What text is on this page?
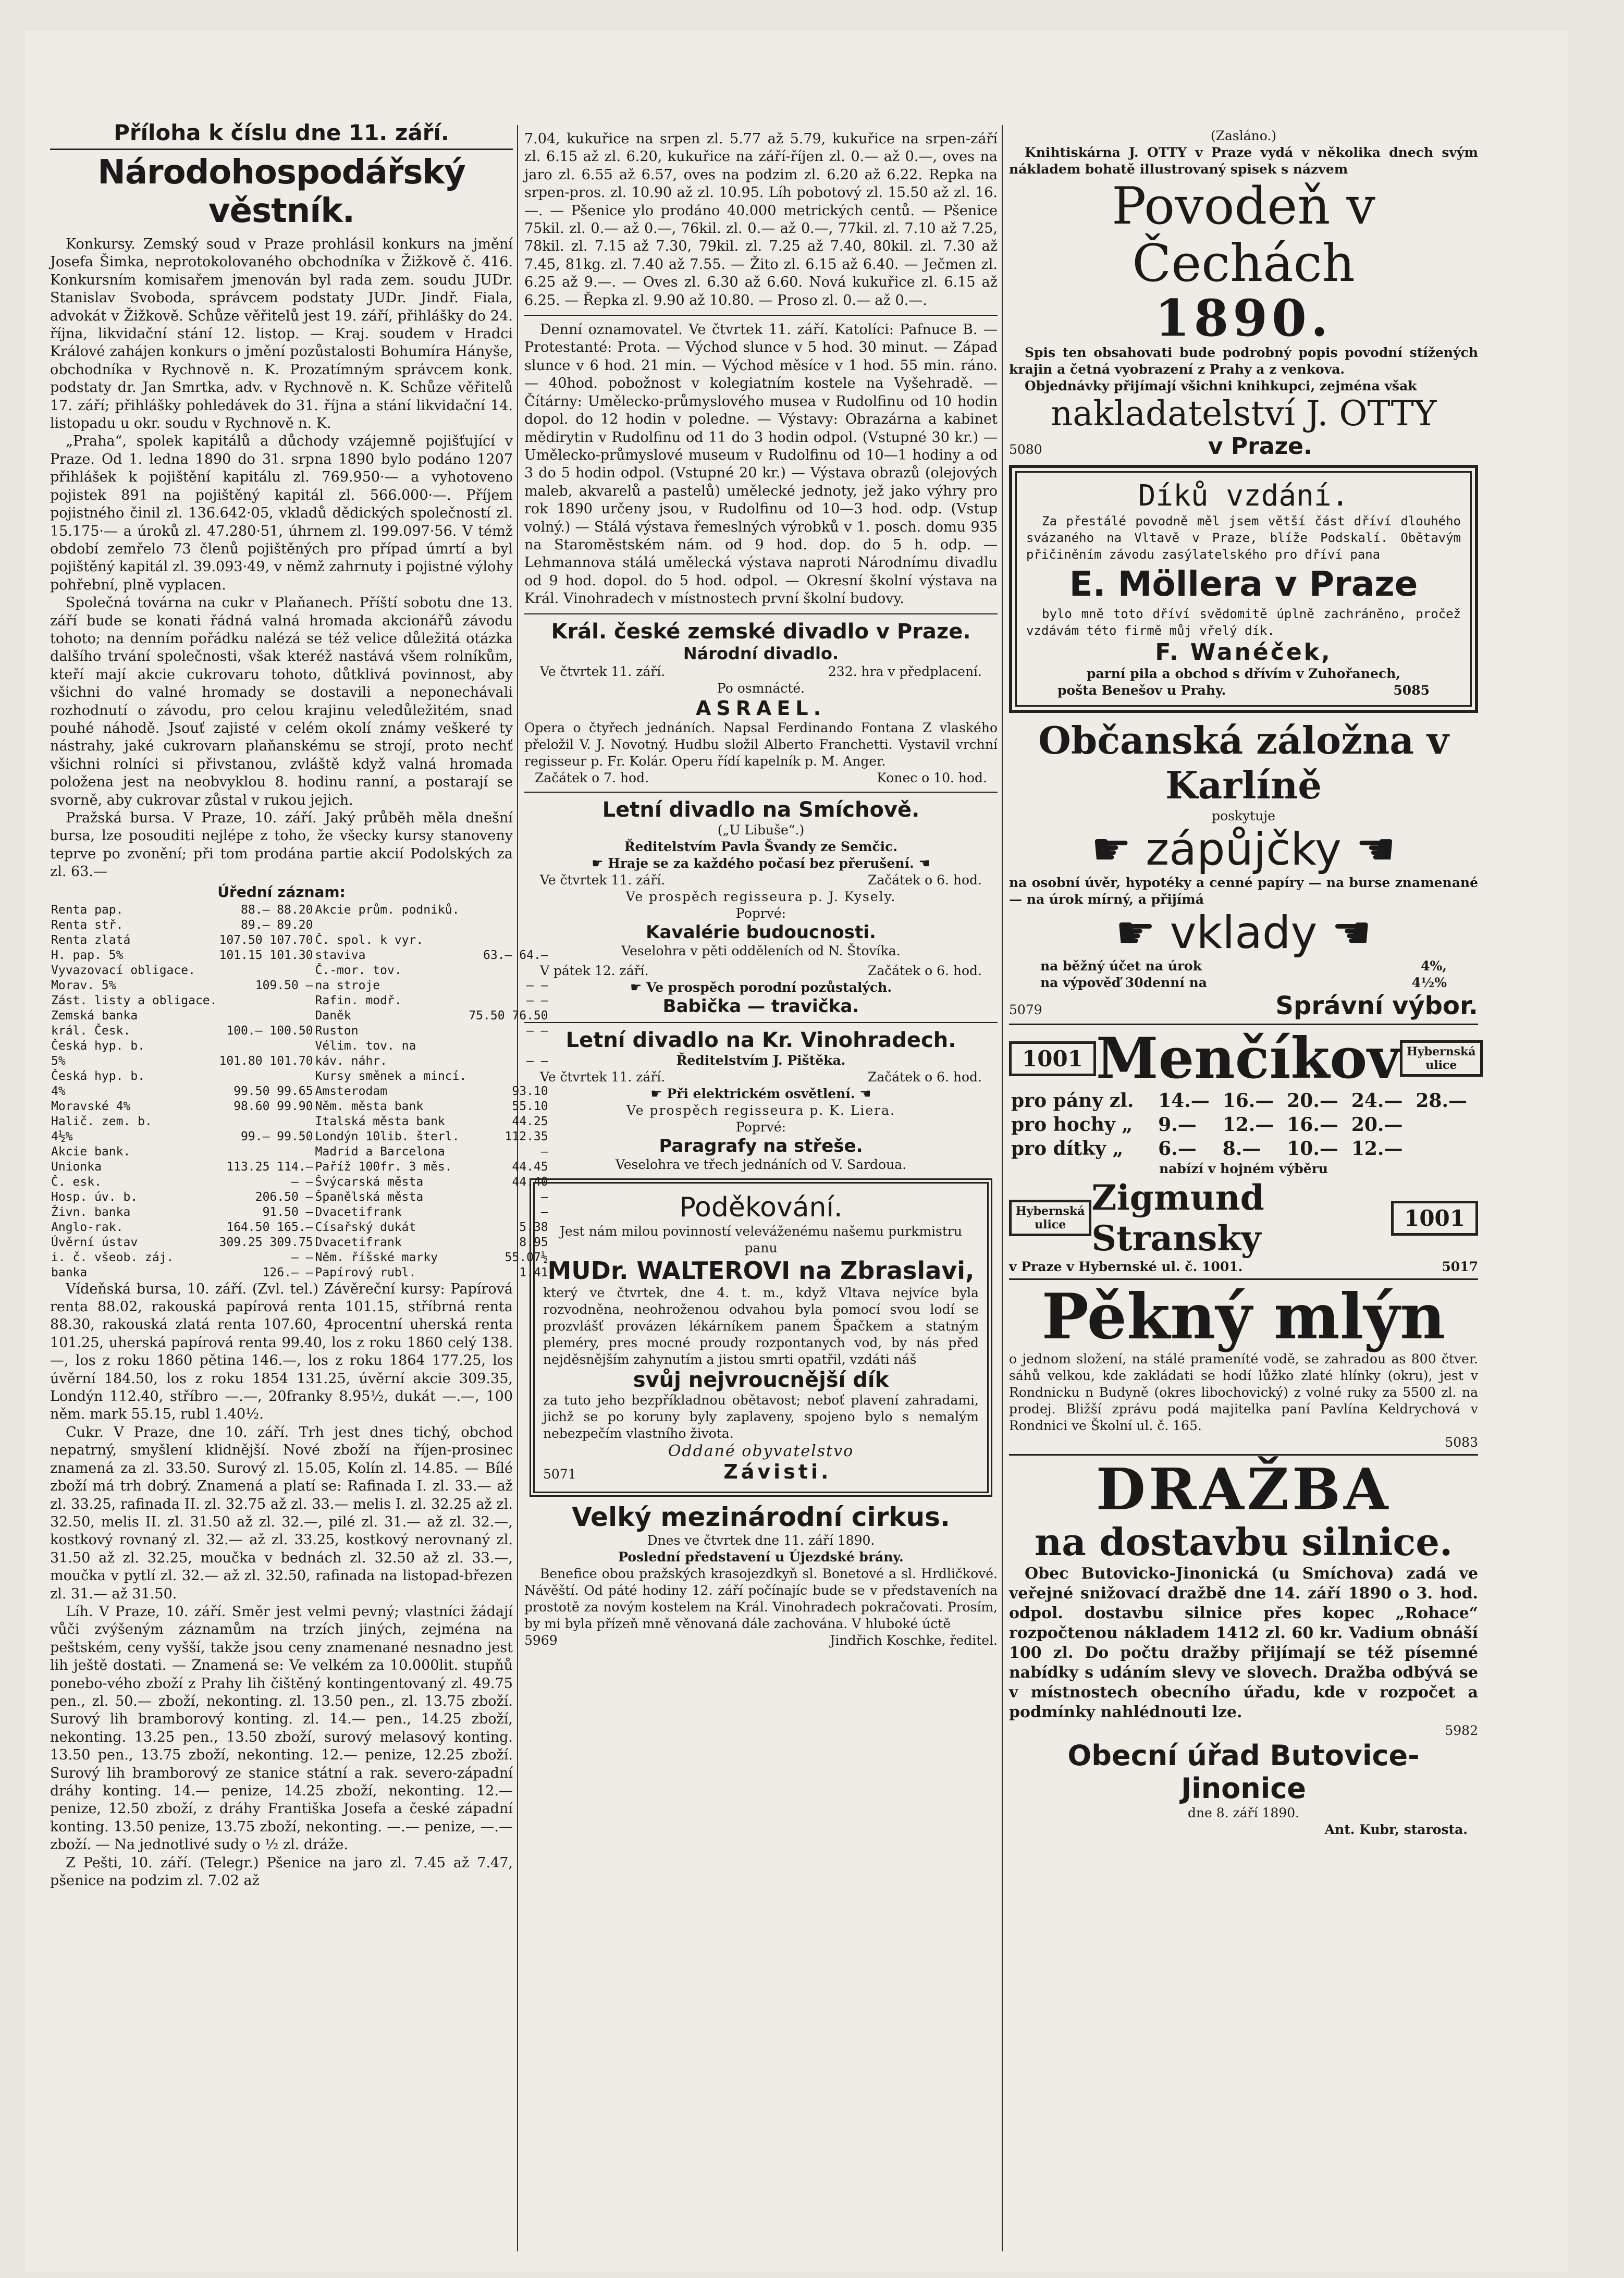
Příloha k číslu dne 11. září.
Národohospodářský věstník.

Konkursy. Zemský soud v Praze prohlásil konkurs na jmění Josefa Šimka, neprotokolovaného obchodníka v Žižkově č. 416. Konkursním komisařem jmenován byl rada zem. soudu JUDr. Stanislav Svoboda, správcem podstaty JUDr. Jindř. Fiala, advokát v Žižkově. Schůze věřitelů jest 19. září, přihlášky do 24. října, likvidační stání 12. listop. — Kraj. soudem v Hradci Králové zahájen konkurs o jmění pozůstalosti Bohumíra Hányše, obchodníka v Rychnově n. K. Prozatímným správcem konk. podstaty dr. Jan Smrtka, adv. v Rychnově n. K. Schůze věřitelů 17. září; přihlášky pohledávek do 31. října a stání likvidační 14. listopadu u okr. soudu v Rychnově n. K.

„Praha“, spolek kapitálů a důchody vzájemně pojišťující v Praze. Od 1. ledna 1890 do 31. srpna 1890 bylo podáno 1207 přihlášek k pojištění kapitálu zl. 769.950·— a vyhotoveno pojistek 891 na pojištěný kapitál zl. 566.000·—. Příjem pojistného činil zl. 136.642·05, vkladů dědických společností zl. 15.175·— a úroků zl. 47.280·51, úhrnem zl. 199.097·56. V témž období zemřelo 73 členů pojištěných pro případ úmrtí a byl pojištěný kapitál zl. 39.093·49, v němž zahrnuty i pojistné výlohy pohřební, plně vyplacen.

Společná továrna na cukr v Plaňanech. Příští sobotu dne 13. září bude se konati řádná valná hromada akcionářů závodu tohoto; na denním pořádku nalézá se též velice důležitá otázka dalšího trvání společnosti, však kteréž nastává všem rolníkům, kteří mají akcie cukrovaru tohoto, důtklivá povinnost, aby všichni do valné hromady se dostavili a neponechávali rozhodnutí o závodu, pro celou krajinu veledůležitém, snad pouhé náhodě. Jsouť zajisté v celém okolí známy veškeré ty nástrahy, jaké cukrovarn plaňanskému se strojí, proto nechť všichni rolníci si přivstanou, zvláště když valná hromada položena jest na neobvyklou 8. hodinu ranní, a postarají se svorně, aby cukrovar zůstal v rukou jejich.

Pražská bursa. V Praze, 10. září. Jaký průběh měla dnešní bursa, lze posouditi nejlépe z toho, že všecky kursy stanoveny teprve po zvonění; při tom prodána partie akcií Podolských za zl. 63.—

Úřední záznam:
Renta pap.	88.— 88.20	Akcie prům. podniků.	
Renta stř.	89.— 89.20		
Renta zlatá	107.50 107.70	Č. spol. k vyr.	
H. pap. 5%	101.15 101.30	staviva	63.— 64.—
Vyvazovací obligace.		Č.-mor. tov.	
Morav. 5%	109.50 —	na stroje	— —
Zást. listy a obligace.		Rafin. modř.	— —
Zemská banka		Daněk	75.50 76.50
král. Česk.	100.— 100.50	Ruston	— —
Česká hyp. b.		Vélim. tov. na	
5%	101.80 101.70	káv. náhr.	— —
Česká hyp. b.		Kursy směnek a mincí.	
4%	99.50 99.65	Amsterodam	93.10
Moravské 4%	98.60 99.90	Něm. města bank	55.10
Halič. zem. b.		Italská města bank	44.25
4½%	99.— 99.50	Londýn 10lib. šterl.	112.35
Akcie bank.		Madrid a Barcelona	—
Unionka	113.25 114.—	Paříž 100fr. 3 měs.	44.45
Č. esk.	— —	Švýcarská města	44.40
Hosp. úv. b.	206.50 —	Španělská města	—
Živn. banka	91.50 —	Dvacetifrank	—
Anglo-rak.	164.50 165.—	Císařský dukát	5.38
Úvěrní ústav	309.25 309.75	Dvacetifrank	8.95
i. č. všeob. záj.	— —	Něm. říšské marky	55.07½
banka	126.— —	Papírový rubl.	1.41

Vídeňská bursa, 10. září. (Zvl. tel.) Závěreční kursy: Papírová renta 88.02, rakouská papírová renta 101.15, stříbrná renta 88.30, rakouská zlatá renta 107.60, 4procentní uherská renta 101.25, uherská papírová renta 99.40, los z roku 1860 celý 138.—, los z roku 1860 pětina 146.—, los z roku 1864 177.25, los úvěrní 184.50, los z roku 1854 131.25, úvěrní akcie 309.35, Londýn 112.40, stříbro —.—, 20franky 8.95½, dukát —.—, 100 něm. mark 55.15, rubl 1.40½.

Cukr. V Praze, dne 10. září. Trh jest dnes tichý, obchod nepatrný, smyšlení klidnější. Nové zboží na říjen-prosinec znamená za zl. 33.50. Surový zl. 15.05, Kolín zl. 14.85. — Bílé zboží má trh dobrý. Znamená a platí se: Rafinada I. zl. 33.— až zl. 33.25, rafinada II. zl. 32.75 až zl. 33.— melis I. zl. 32.25 až zl. 32.50, melis II. zl. 31.50 až zl. 32.—, pilé zl. 31.— až zl. 32.—, kostkový rovnaný zl. 32.— až zl. 33.25, kostkový nerovnaný zl. 31.50 až zl. 32.25, moučka v bednách zl. 32.50 až zl. 33.—, moučka v pytlí zl. 32.— až zl. 32.50, rafinada na listopad-březen zl. 31.— až 31.50.

Líh. V Praze, 10. září. Směr jest velmi pevný; vlastníci žádají vůči zvýšeným záznamům na trzích jiných, zejména na peštském, ceny vyšší, takže jsou ceny znamenané nesnadno jest lih ještě dostati. — Znamená se: Ve velkém za 10.000lit. stupňů ponebo-vého zboží z Prahy lih čištěný kontingentovaný zl. 49.75 pen., zl. 50.— zboží, nekonting. zl. 13.50 pen., zl. 13.75 zboží. Surový lih bramborový konting. zl. 14.— pen., 14.25 zboží, nekonting. 13.25 pen., 13.50 zboží, surový melasový konting. 13.50 pen., 13.75 zboží, nekonting. 12.— penize, 12.25 zboží. Surový lih bramborový ze stanice státní a rak. severo-západní dráhy konting. 14.— penize, 14.25 zboží, nekonting. 12.— penize, 12.50 zboží, z dráhy Františka Josefa a české západní konting. 13.50 penize, 13.75 zboží, nekonting. —.— penize, —.— zboží. — Na jednotlivé sudy o ½ zl. dráže.

Z Pešti, 10. září. (Telegr.) Pšenice na jaro zl. 7.45 až 7.47, pšenice na podzim zl. 7.02 až

7.04, kukuřice na srpen zl. 5.77 až 5.79, kukuřice na srpen-září zl. 6.15 až zl. 6.20, kukuřice na září-říjen zl. 0.— až 0.—, oves na jaro zl. 6.55 až 6.57, oves na podzim zl. 6.20 až 6.22. Repka na srpen-pros. zl. 10.90 až zl. 10.95. Líh pobotový zl. 15.50 až zl. 16.—. — Pšenice ylo prodáno 40.000 metrických centů. — Pšenice 75kil. zl. 0.— až 0.—, 76kil. zl. 0.— až 0.—, 77kil. zl. 7.10 až 7.25, 78kil. zl. 7.15 až 7.30, 79kil. zl. 7.25 až 7.40, 80kil. zl. 7.30 až 7.45, 81kg. zl. 7.40 až 7.55. — Žito zl. 6.15 až 6.40. — Ječmen zl. 6.25 až 9.—. — Oves zl. 6.30 až 6.60. Nová kukuřice zl. 6.15 až 6.25. — Řepka zl. 9.90 až 10.80. — Proso zl. 0.— až 0.—.

Denní oznamovatel. Ve čtvrtek 11. září. Katolíci: Pafnuce B. — Protestanté: Prota. — Východ slunce v 5 hod. 30 minut. — Západ slunce v 6 hod. 21 min. — Východ měsíce v 1 hod. 55 min. ráno. — 40hod. pobožnost v kolegiatním kostele na Vyšehradě. — Čítárny: Umělecko-průmyslového musea v Rudolfinu od 10 hodin dopol. do 12 hodin v poledne. — Výstavy: Obrazárna a kabinet mědirytin v Rudolfinu od 11 do 3 hodin odpol. (Vstupné 30 kr.) — Umělecko-průmyslové museum v Rudolfinu od 10—1 hodiny a od 3 do 5 hodin odpol. (Vstupné 20 kr.) — Výstava obrazů (olejových maleb, akvarelů a pastelů) umělecké jednoty, jež jako výhry pro rok 1890 určeny jsou, v Rudolfinu od 10—3 hod. odp. (Vstup volný.) — Stálá výstava řemeslných výrobků v 1. posch. domu 935 na Staroměstském nám. od 9 hod. dop. do 5 h. odp. — Lehmannova stálá umělecká výstava naproti Národnímu divadlu od 9 hod. dopol. do 5 hod. odpol. — Okresní školní výstava na Král. Vinohradech v místnostech první školní budovy.

Král. české zemské divadlo v Praze.
Národní divadlo.
Ve čtvrtek 11. září.	232. hra v předplacení.
Po osmnácté.
ASRAEL.

Opera o čtyřech jednáních. Napsal Ferdinando Fontana Z vlaského přeložil V. J. Novotný. Hudbu složil Alberto Franchetti. Vystavil vrchní regisseur p. Fr. Kolár. Operu řídí kapelník p. M. Anger.

Začátek o 7. hod.	Konec o 10. hod.
Letní divadlo na Smíchově.
(„U Libuše“.)
Ředitelstvím Pavla Švandy ze Semčic.
☛ Hraje se za každého počasí bez přerušení. ☚
Ve čtvrtek 11. září.	Začátek o 6. hod.
Ve prospěch regisseura p. J. Kysely.
Poprvé:
Kavalérie budoucnosti.
Veselohra v pěti odděleních od N. Štovíka.
V pátek 12. září.	Začátek o 6. hod.
☛ Ve prospěch porodní pozůstalých.
Babička — travička.
Letní divadlo na Kr. Vinohradech.
Ředitelstvím J. Pištěka.
Ve čtvrtek 11. září.	Začátek o 6. hod.
☛ Při elektrickém osvětlení. ☚
Ve prospěch regisseura p. K. Liera.
Poprvé:
Paragrafy na střeše.
Veselohra ve třech jednáních od V. Sardoua.
Poděkování.
Jest nám milou povinností veleváženému našemu purkmistru panu
MUDr. WALTEROVI na Zbraslavi,

který ve čtvrtek, dne 4. t. m., když Vltava nejvíce byla rozvodněna, neohroženou odvahou byla pomocí svou lodí se prozvlášť provázen lékárníkem panem Špačkem a statným pleméry, pres mocné proudy rozpontanych vod, by nás před nejděsnějším zahynutím a jistou smrti opatřil, vzdáti náš

svůj nejvroucnější dík

za tuto jeho bezpříkladnou obětavost; neboť plavení zahradami, jichž se po koruny byly zaplaveny, spojeno bylo s nemalým nebezpečím vlastního života.

Oddané obyvatelstvo
5071	Závisti.
Velký mezinárodní cirkus.
Dnes ve čtvrtek dne 11. září 1890.
Poslední představení u Újezdské brány.

Benefice obou pražských krasojezdkyň sl. Bonetové a sl. Hrdličkové. Návěští. Od páté hodiny 12. září počínajíc bude se v představeních na prostotě za novým kostelem na Král. Vinohradech pokračovati. Prosím, by mi byla přízeň mně věnovaná dále zachována. V hluboké úctě

5969	Jindřich Koschke, ředitel.
(Zasláno.)

Knihtiskárna J. OTTY v Praze vydá v několika dnech svým nákladem bohatě illustrovaný spisek s názvem

Povodeň v Čechách
1890.

Spis ten obsahovati bude podrobný popis povodní stížených krajin a četná vyobrazení z Prahy a z venkova.

Objednávky přijímají všichni knihkupci, zejména však

nakladatelství J. OTTY
5080	v Praze.
Díků vzdání.

Za přestálé povodně měl jsem větší část dříví dlouhého svázaného na Vltavě v Praze, blíže Podskalí. Obětavým přičiněním závodu zasýlatelského pro dříví pana

E. Möllera v Praze

bylo mně toto dříví svědomitě úplně zachráněno, pročež vzdávám této firmě můj vřelý dík.

F. Wanéček,
parní pila a obchod s dřívím v Zuhořanech,
pošta Benešov u Prahy.	5085
Občanská záložna v Karlíně
poskytuje
☛ zápůjčky ☚

na osobní úvěr, hypotéky a cenné papíry — na burse znamenané — na úrok mírný, a přijímá

☛ vklady ☚
na běžný účet na úrok	4%,
na výpověď 30denní na	4½%
5079	Správní výbor.
1001 Menčíkov Hybernská ulice
pro pány zl.	14.—	16.—	20.—	24.—	28.—
pro hochy „	9.—	12.—	16.—	20.—	
pro dítky „	6.—	8.—	10.—	12.—	
nabízí v hojném výběru
Hybernská ulice
Zigmund Stransky	1001
v Praze v Hybernské ul. č. 1001.	5017
Pěkný mlýn

o jednom složení, na stálé prameníté vodě, se zahradou as 800 čtver. sáhů velkou, kde zakládati se hodí lůžko zlaté hlínky (okru), jest v Rondnicku n Budyně (okres libochovický) z volné ruky za 5500 zl. na prodej. Bližší zprávu podá majitelka paní Pavlína Keldrychová v Rondnici ve Školní ul. č. 165.

5083
DRAŽBA
na dostavbu silnice.

Obec Butovicko-Jinonická (u Smíchova) zadá ve veřejné snižovací dražbě dne 14. září 1890 o 3. hod. odpol. dostavbu silnice přes kopec „Rohace“ rozpočtenou nákladem 1412 zl. 60 kr. Vadium obnáší 100 zl. Do počtu dražby přijímají se též písemné nabídky s udáním slevy ve slovech. Dražba odbývá se v místnostech obecního úřadu, kde v rozpočet a podmínky nahlédnouti lze.

5982
Obecní úřad Butovice-Jinonice
dne 8. září 1890.
Ant. Kubr, starosta.
